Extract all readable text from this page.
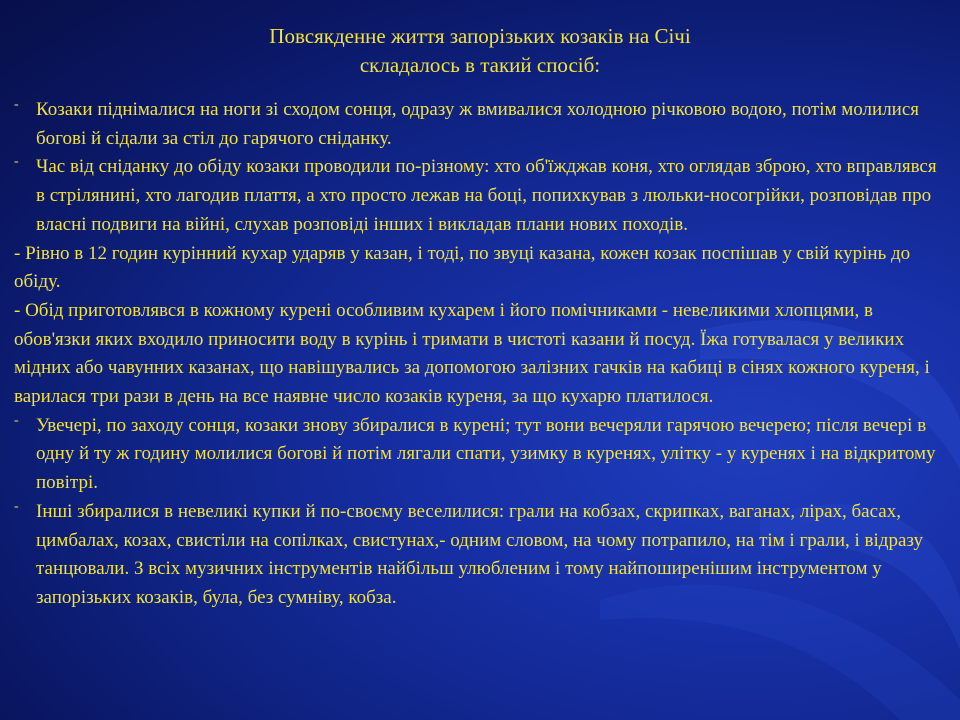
Повсякденне життя запорізьких козаків на Січі
складалось в такий спосіб:
- Козаки піднімалися на ноги зі сходом сонця, одразу ж вмивалися холодною річковою водою, потім молилися богові й сідали за стіл до гарячого сніданку.
- Час від сніданку до обіду козаки проводили по-різному: хто об'їжджав коня, хто оглядав зброю, хто вправлявся в стрілянині, хто лагодив плаття, а хто просто лежав на боці, попихкував з люльки-носогрійки, розповідав про власні подвиги на війні, слухав розповіді інших і викладав плани нових походів.
- Рівно в 12 годин курінний кухар ударяв у казан, і тоді, по звуці казана, кожен козак поспішав у свій курінь до обіду.
- Обід приготовлявся в кожному курені особливим кухарем і його помічниками - невеликими хлопцями, в обов'язки яких входило приносити воду в курінь і тримати в чистоті казани й посуд. Їжа готувалася у великих мідних або чавунних казанах, що навішувались за допомогою залізних гачків на кабиці в сінях кожного куреня, і варилася три рази в день на все наявне число козаків куреня, за що кухарю платилося.
- Увечері, по заходу сонця, козаки знову збиралися в курені; тут вони вечеряли гарячою вечерею; після вечері в одну й ту ж годину молилися богові й потім лягали спати, узимку в куренях, улітку - у куренях і на відкритому повітрі.
- Інші збиралися в невеликі купки й по-своєму веселилися: грали на кобзах, скрипках, ваганах, лірах, басах, цимбалах, козах, свистіли на сопілках, свистунах,- одним словом, на чому потрапило, на тім і грали, і відразу танцювали. З всіх музичних інструментів найбільш улюбленим і тому найпоширенішим інструментом у запорізьких козаків, була, без сумніву, кобза.
